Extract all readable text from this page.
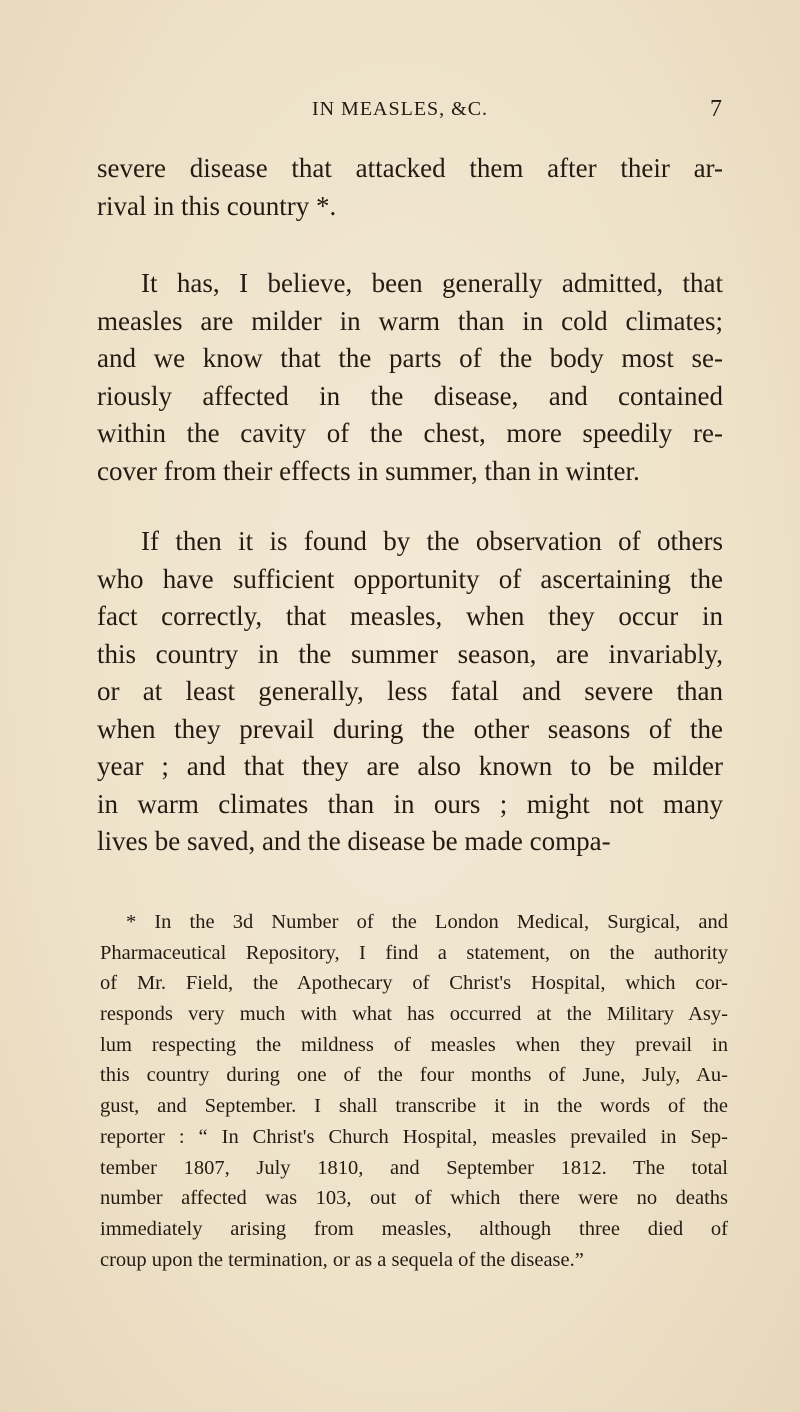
IN MEASLES, &C.	7
severe disease that attacked them after their ar-
rival in this country *.
It has, I believe, been generally admitted, that
measles are milder in warm than in cold climates;
and we know that the parts of the body most se-
riously affected in the disease, and contained
within the cavity of the chest, more speedily re-
cover from their effects in summer, than in winter.
If then it is found by the observation of others
who have sufficient opportunity of ascertaining the
fact correctly, that measles, when they occur in
this country in the summer season, are invariably,
or at least generally, less fatal and severe than
when they prevail during the other seasons of the
year ; and that they are also known to be milder
in warm climates than in ours ; might not many
lives be saved, and the disease be made compa-
* In the 3d Number of the London Medical, Surgical, and
Pharmaceutical Repository, I find a statement, on the authority
of Mr. Field, the Apothecary of Christ's Hospital, which cor-
responds very much with what has occurred at the Military Asy-
lum respecting the mildness of measles when they prevail in
this country during one of the four months of June, July, Au-
gust, and September. I shall transcribe it in the words of the
reporter : “ In Christ's Church Hospital, measles prevailed in Sep-
tember 1807, July 1810, and September 1812. The total
number affected was 103, out of which there were no deaths
immediately arising from measles, although three died of
croup upon the termination, or as a sequela of the disease.”
